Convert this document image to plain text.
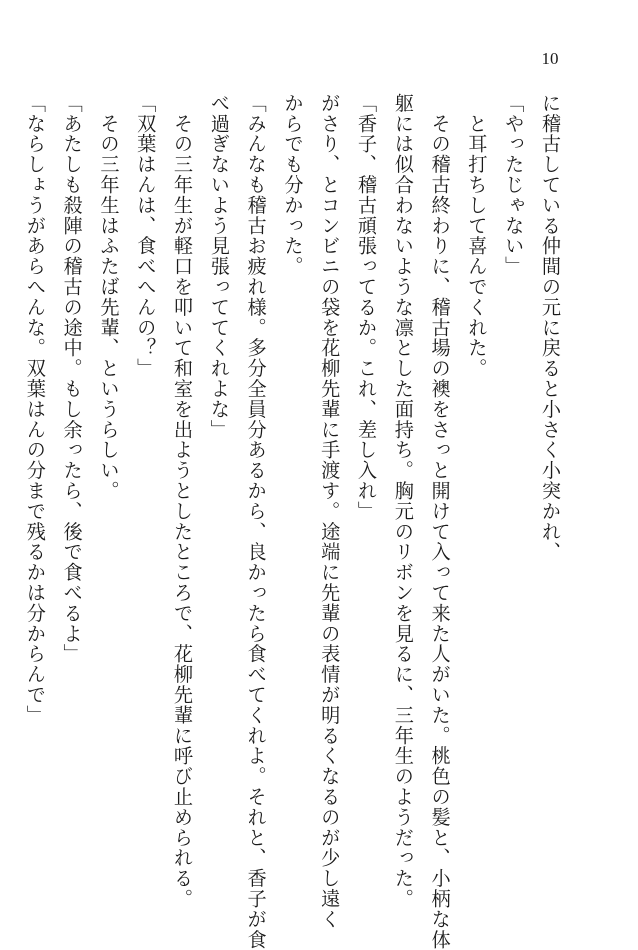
10
に稽古している仲間の元に戻ると小さく小突かれ、
「やったじゃない」
　と耳打ちして喜んでくれた。
　その稽古終わりに、稽古場の襖をさっと開けて入って来た人がいた。桃色の髪と、小柄な体
躯には似合わないような凛とした面持ち。胸元のリボンを見るに、三年生のようだった。
「香子、稽古頑張ってるか。これ、差し入れ」
がさり、とコンビニの袋を花柳先輩に手渡す。途端に先輩の表情が明るくなるのが少し遠く
からでも分かった。
「みんなも稽古お疲れ様。多分全員分あるから、良かったら食べてくれよ。それと、香子が食
べ過ぎないよう見張っててくれよな」
　その三年生が軽口を叩いて和室を出ようとしたところで、花柳先輩に呼び止められる。
「双葉はんは、食べへんの？」
　その三年生はふたば先輩、というらしい。
「あたしも殺陣の稽古の途中。もし余ったら、後で食べるよ」
「ならしょうがあらへんな。双葉はんの分まで残るかは分からんで」
